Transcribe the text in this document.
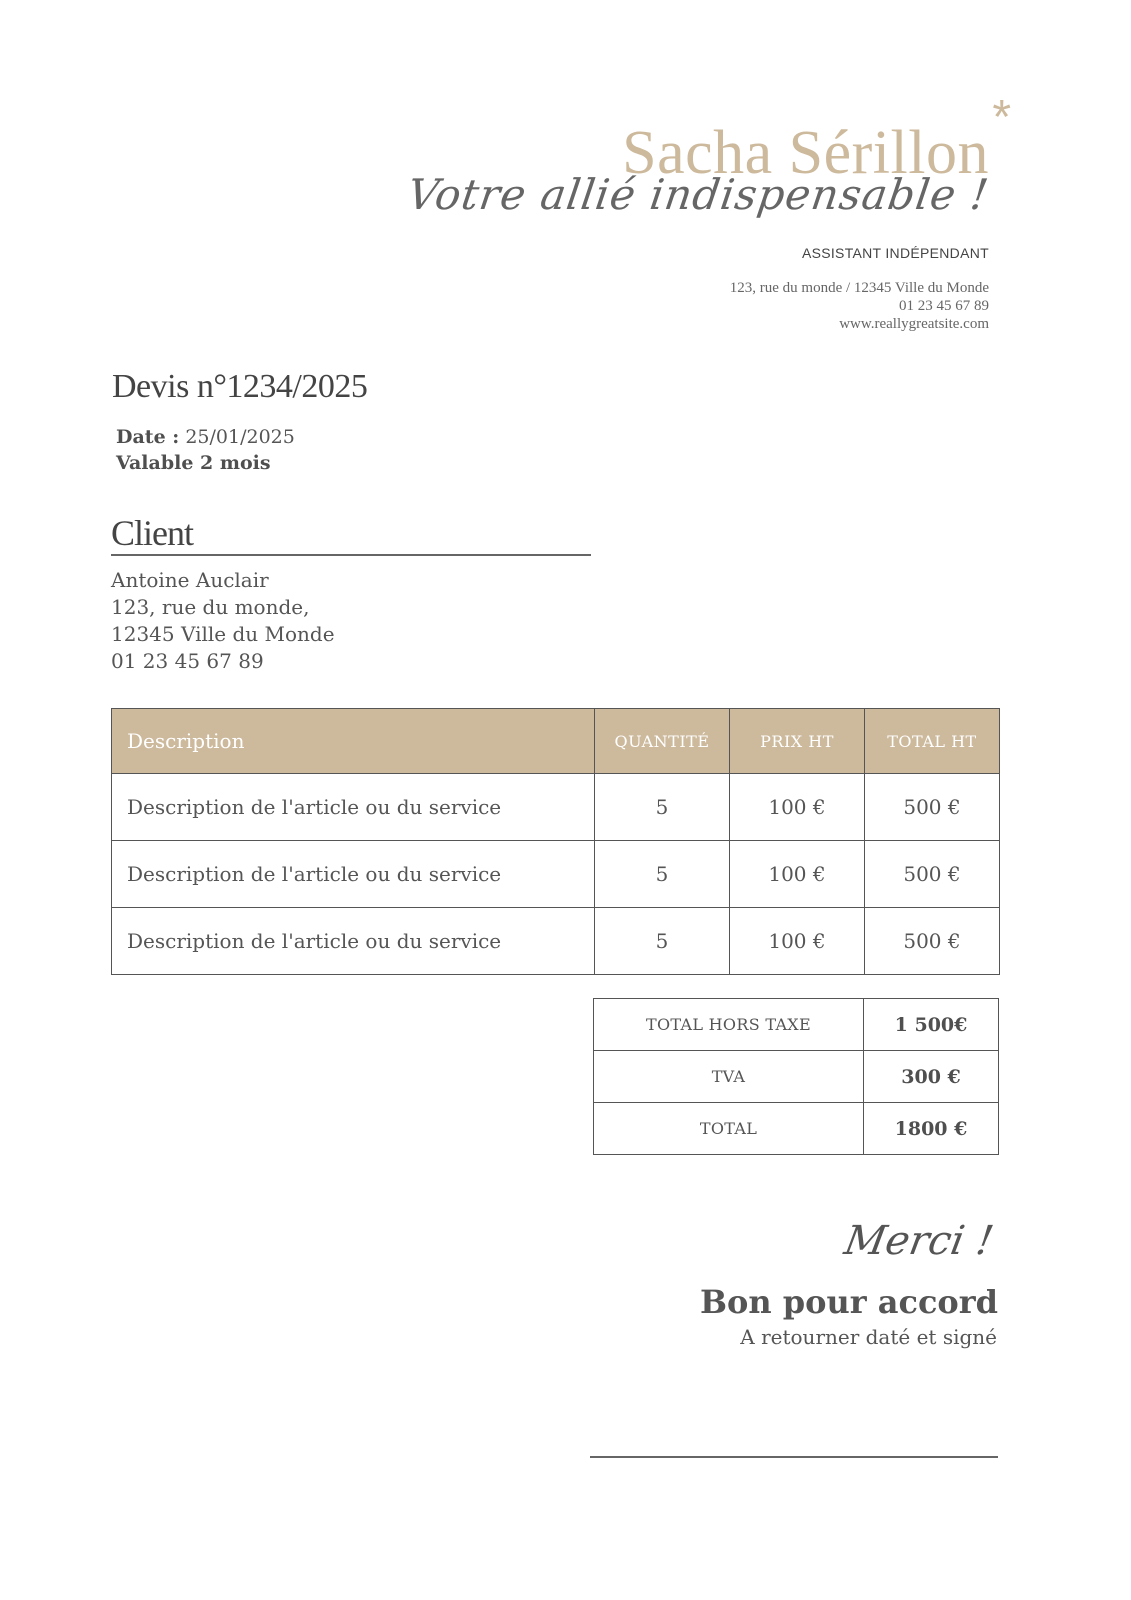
Sacha Sérillon
*
Votre allié indispensable !
ASSISTANT INDÉPENDANT
123, rue du monde / 12345 Ville du Monde
01 23 45 67 89
www.reallygreatsite.com
Devis n°1234/2025
Date : 25/01/2025
Valable 2 mois
Client
Antoine Auclair
123, rue du monde,
12345 Ville du Monde
01 23 45 67 89
Description	QUANTITÉ	PRIX HT	TOTAL HT
Description de l'article ou du service	5	100 €	500 €
Description de l'article ou du service	5	100 €	500 €
Description de l'article ou du service	5	100 €	500 €
TOTAL HORS TAXE	1 500€
TVA	300 €
TOTAL	1800 €
Merci !
Bon pour accord
A retourner daté et signé
